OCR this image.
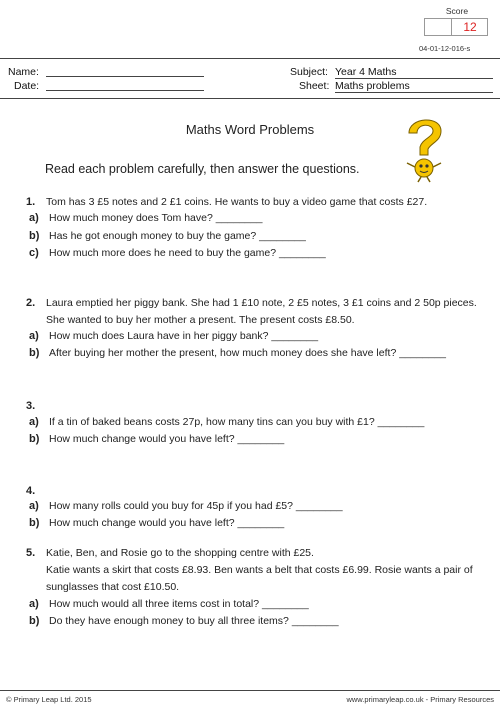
Score
12
04-01-12-016-s
Name:
Date:
Subject: Year 4 Maths
Sheet: Maths problems
Maths Word Problems
Read each problem carefully, then answer the questions.
1. Tom has 3 £5 notes and 2 £1 coins. He wants to buy a video game that costs £27.
a) How much money does Tom have? ________
b) Has he got enough money to buy the game? ________
c) How much more does he need to buy the game? ________
2. Laura emptied her piggy bank. She had 1 £10 note, 2 £5 notes, 3 £1 coins and 2 50p pieces.
She wanted to buy her mother a present. The present costs £8.50.
a) How much does Laura have in her piggy bank? ________
b) After buying her mother the present, how much money does she have left? ________
3.
a) If a tin of baked beans costs 27p, how many tins can you buy with £1? ________
b) How much change would you have left? ________
4.
a) How many rolls could you buy for 45p if you had £5? ________
b) How much change would you have left? ________
5. Katie, Ben, and Rosie go to the shopping centre with £25.
Katie wants a skirt that costs £8.93. Ben wants a belt that costs £6.99. Rosie wants a pair of
sunglasses that cost £10.50.
a) How much would all three items cost in total? ________
b) Do they have enough money to buy all three items? ________
© Primary Leap Ltd. 2015	www.primaryleap.co.uk - Primary Resources
